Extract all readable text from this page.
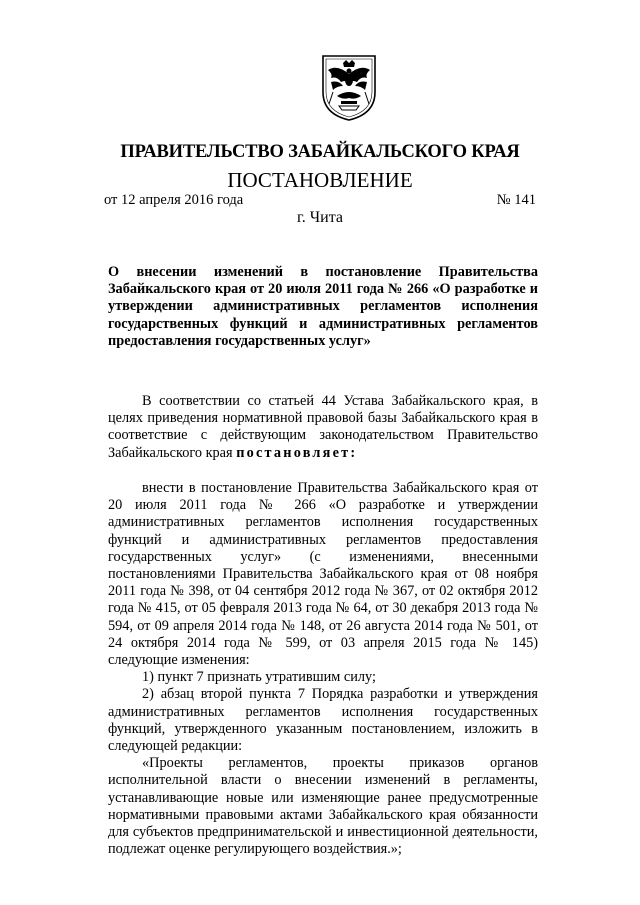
ПРАВИТЕЛЬСТВО ЗАБАЙКАЛЬСКОГО КРАЯ
ПОСТАНОВЛЕНИЕ
от 12 апреля 2016 года	№ 141
г. Чита
О внесении изменений в постановление Правительства Забайкальского края от 20 июля 2011 года № 266 «О разработке и утверждении административных регламентов исполнения государственных функций и административных регламентов предоставления государственных услуг»

В соответствии со статьей 44 Устава Забайкальского края, в целях приведения нормативной правовой базы Забайкальского края в соответствие с действующим законодательством Правительство Забайкальского края постановляет:

внести в постановление Правительства Забайкальского края от 20 июля 2011 года № 266 «О разработке и утверждении административных регламентов исполнения государственных функций и административных регламентов предоставления государственных услуг» (с изменениями, внесенными постановлениями Правительства Забайкальского края от 08 ноября 2011 года № 398, от 04 сентября 2012 года № 367, от 02 октября 2012 года № 415, от 05 февраля 2013 года № 64, от 30 декабря 2013 года № 594, от 09 апреля 2014 года № 148, от 26 августа 2014 года № 501, от 24 октября 2014 года № 599, от 03 апреля 2015 года № 145) следующие изменения:

1) пункт 7 признать утратившим силу;

2) абзац второй пункта 7 Порядка разработки и утверждения административных регламентов исполнения государственных функций, утвержденного указанным постановлением, изложить в следующей редакции:

«Проекты регламентов, проекты приказов органов исполнительной власти о внесении изменений в регламенты, устанавливающие новые или изменяющие ранее предусмотренные нормативными правовыми актами Забайкальского края обязанности для субъектов предпринимательской и инвестиционной деятельности, подлежат оценке регулирующего воздействия.»;
